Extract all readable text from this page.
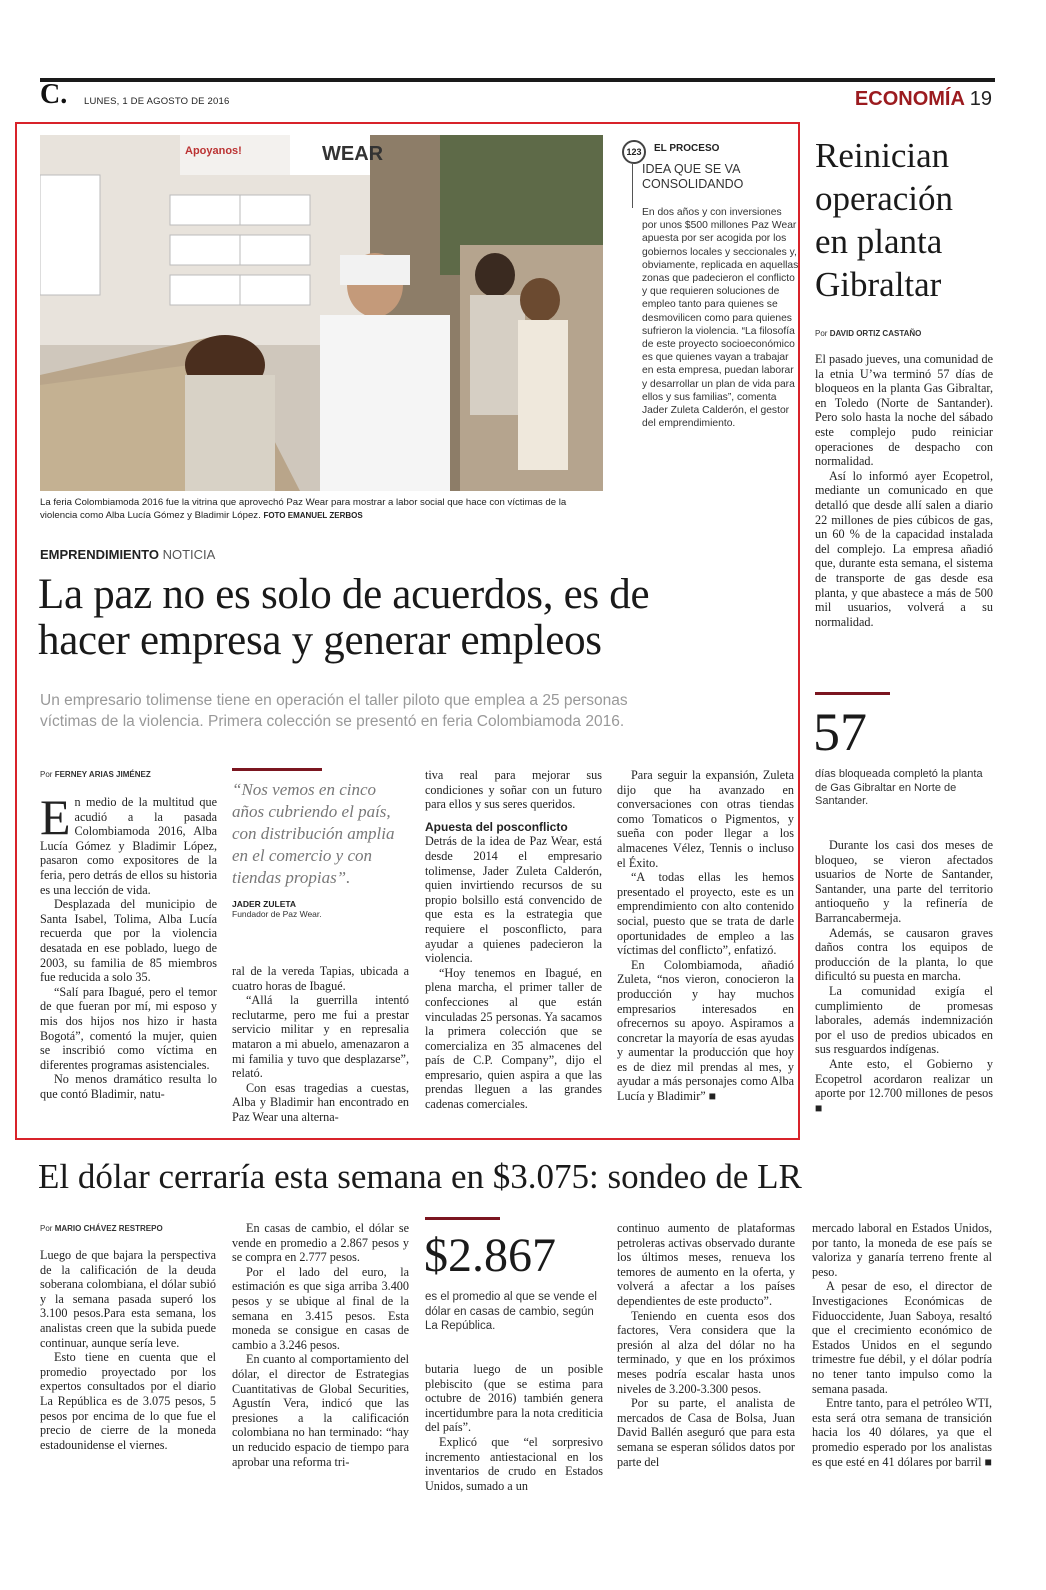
C. LUNES, 1 DE AGOSTO DE 2016	ECONOMÍA 19
Apoyanos!	WEAR
La feria Colombiamoda 2016 fue la vitrina que aprovechó Paz Wear para mostrar a labor social que hace con víctimas de la violencia como Alba Lucía Gómez y Bladimir López. FOTO EMANUEL ZERBOS
123	EL PROCESO
IDEA QUE SE VA
CONSOLIDANDO
En dos años y con inversiones por unos $500 millones Paz Wear apuesta por ser acogida por los gobiernos locales y seccionales y, obviamente, replicada en aquellas zonas que padecieron el conflicto y que requieren soluciones de empleo tanto para quienes se desmovilicen como para quienes sufrieron la violencia. “La filosofía de este proyecto socioeconómico es que quienes vayan a trabajar en esta empresa, puedan laborar y desarrollar un plan de vida para ellos y sus familias”, comenta Jader Zuleta Calderón, el gestor del emprendimiento.
EMPRENDIMIENTO NOTICIA
La paz no es solo de acuerdos, es de
hacer empresa y generar empleos
Un empresario tolimense tiene en operación el taller piloto que emplea a 25 personas
víctimas de la violencia. Primera colección se presentó en feria Colombiamoda 2016.
Por FERNEY ARIAS JIMÉNEZ

E n medio de la multitud que acudió a la pasada Colombiamoda 2016, Alba Lucía Gómez y Bladimir López, pasaron como expositores de la feria, pero detrás de ellos su historia es una lección de vida.

Desplazada del municipio de Santa Isabel, Tolima, Alba Lucía recuerda que por la violencia desatada en ese poblado, luego de 2003, su familia de 85 miembros fue reducida a solo 35.

“Salí para Ibagué, pero el temor de que fueran por mí, mi esposo y mis dos hijos nos hizo ir hasta Bogotá”, comentó la mujer, quien se inscribió como víctima en diferentes programas asistenciales.

No menos dramático resulta lo que contó Bladimir, natu-

“Nos vemos en cinco años cubriendo el país, con distribución amplia en el comercio y con tiendas propias”.
JADER ZULETA
Fundador de Paz Wear.

ral de la vereda Tapias, ubicada a cuatro horas de Ibagué.

“Allá la guerrilla intentó reclutarme, pero me fui a prestar servicio militar y en represalia mataron a mi abuelo, amenazaron a mi familia y tuvo que desplazarse”, relató.

Con esas tragedias a cuestas, Alba y Bladimir han encontrado en Paz Wear una alterna-

tiva real para mejorar sus condiciones y soñar con un futuro para ellos y sus seres queridos.

Apuesta del posconflicto

Detrás de la idea de Paz Wear, está desde 2014 el empresario tolimense, Jader Zuleta Calderón, quien invirtiendo recursos de su propio bolsillo está convencido de que esta es la estrategia que requiere el posconflicto, para ayudar a quienes padecieron la violencia.

“Hoy tenemos en Ibagué, en plena marcha, el primer taller de confecciones al que están vinculadas 25 personas. Ya sacamos la primera colección que se comercializa en 35 almacenes del país de C.P. Company”, dijo el empresario, quien aspira a que las prendas lleguen a las grandes cadenas comerciales.

Para seguir la expansión, Zuleta dijo que ha avanzado en conversaciones con otras tiendas como Tomaticos o Pigmentos, y sueña con poder llegar a los almacenes Vélez, Tennis o incluso el Éxito.

“A todas ellas les hemos presentado el proyecto, este es un emprendimiento con alto contenido social, puesto que se trata de darle oportunidades de empleo a las víctimas del conflicto”, enfatizó.

En Colombiamoda, añadió Zuleta, “nos vieron, conocieron la producción y hay muchos empresarios interesados en ofrecernos su apoyo. Aspiramos a concretar la mayoría de esas ayudas y aumentar la producción que hoy es de diez mil prendas al mes, y ayudar a más personajes como Alba Lucía y Bladimir” ■

Reinician
operación
en planta
Gibraltar
Por DAVID ORTIZ CASTAÑO

El pasado jueves, una comunidad de la etnia U’wa terminó 57 días de bloqueos en la planta Gas Gibraltar, en Toledo (Norte de Santander). Pero solo hasta la noche del sábado este complejo pudo reiniciar operaciones de despacho con normalidad.

Así lo informó ayer Ecopetrol, mediante un comunicado en que detalló que desde allí salen a diario 22 millones de pies cúbicos de gas, un 60 % de la capacidad instalada del complejo. La empresa añadió que, durante esta semana, el sistema de transporte de gas desde esa planta, y que abastece a más de 500 mil usuarios, volverá a su normalidad.

57
días bloqueada completó la planta de Gas Gibraltar en Norte de Santander.

Durante los casi dos meses de bloqueo, se vieron afectados usuarios de Norte de Santander, Santander, una parte del territorio antioqueño y la refinería de Barrancabermeja.

Además, se causaron graves daños contra los equipos de producción de la planta, lo que dificultó su puesta en marcha.

La comunidad exigía el cumplimiento de promesas laborales, además indemnización por el uso de predios ubicados en sus resguardos indígenas.

Ante esto, el Gobierno y Ecopetrol acordaron realizar un aporte por 12.700 millones de pesos ■

El dólar cerraría esta semana en $3.075: sondeo de LR
Por MARIO CHÁVEZ RESTREPO

Luego de que bajara la perspectiva de la calificación de la deuda soberana colombiana, el dólar subió y la semana pasada superó los 3.100 pesos.Para esta semana, los analistas creen que la subida puede continuar, aunque sería leve.

Esto tiene en cuenta que el promedio proyectado por los expertos consultados por el diario La República es de 3.075 pesos, 5 pesos por encima de lo que fue el precio de cierre de la moneda estadounidense el viernes.

En casas de cambio, el dólar se vende en promedio a 2.867 pesos y se compra en 2.777 pesos.

Por el lado del euro, la estimación es que siga arriba 3.400 pesos y se ubique al final de la semana en 3.415 pesos. Esta moneda se consigue en casas de cambio a 3.246 pesos.

En cuanto al comportamiento del dólar, el director de Estrategias Cuantitativas de Global Securities, Agustín Vera, indicó que las presiones a la calificación colombiana no han terminado: “hay un reducido espacio de tiempo para aprobar una reforma tri-

$2.867
es el promedio al que se vende el dólar en casas de cambio, según La República.

butaria luego de un posible plebiscito (que se estima para octubre de 2016) también genera incertidumbre para la nota crediticia del país”.

Explicó que “el sorpresivo incremento antiestacional en los inventarios de crudo en Estados Unidos, sumado a un

continuo aumento de plataformas petroleras activas observado durante los últimos meses, renueva los temores de aumento en la oferta, y volverá a afectar a los países dependientes de este producto”.

Teniendo en cuenta esos dos factores, Vera considera que la presión al alza del dólar no ha terminado, y que en los próximos meses podría escalar hasta unos niveles de 3.200-3.300 pesos.

Por su parte, el analista de mercados de Casa de Bolsa, Juan David Ballén aseguró que para esta semana se esperan sólidos datos por parte del

mercado laboral en Estados Unidos, por tanto, la moneda de ese país se valoriza y ganaría terreno frente al peso.

A pesar de eso, el director de Investigaciones Económicas de Fiduoccidente, Juan Saboya, resaltó que el crecimiento económico de Estados Unidos en el segundo trimestre fue débil, y el dólar podría no tener tanto impulso como la semana pasada.

Entre tanto, para el petróleo WTI, esta será otra semana de transición hacia los 40 dólares, ya que el promedio esperado por los analistas es que esté en 41 dólares por barril ■
